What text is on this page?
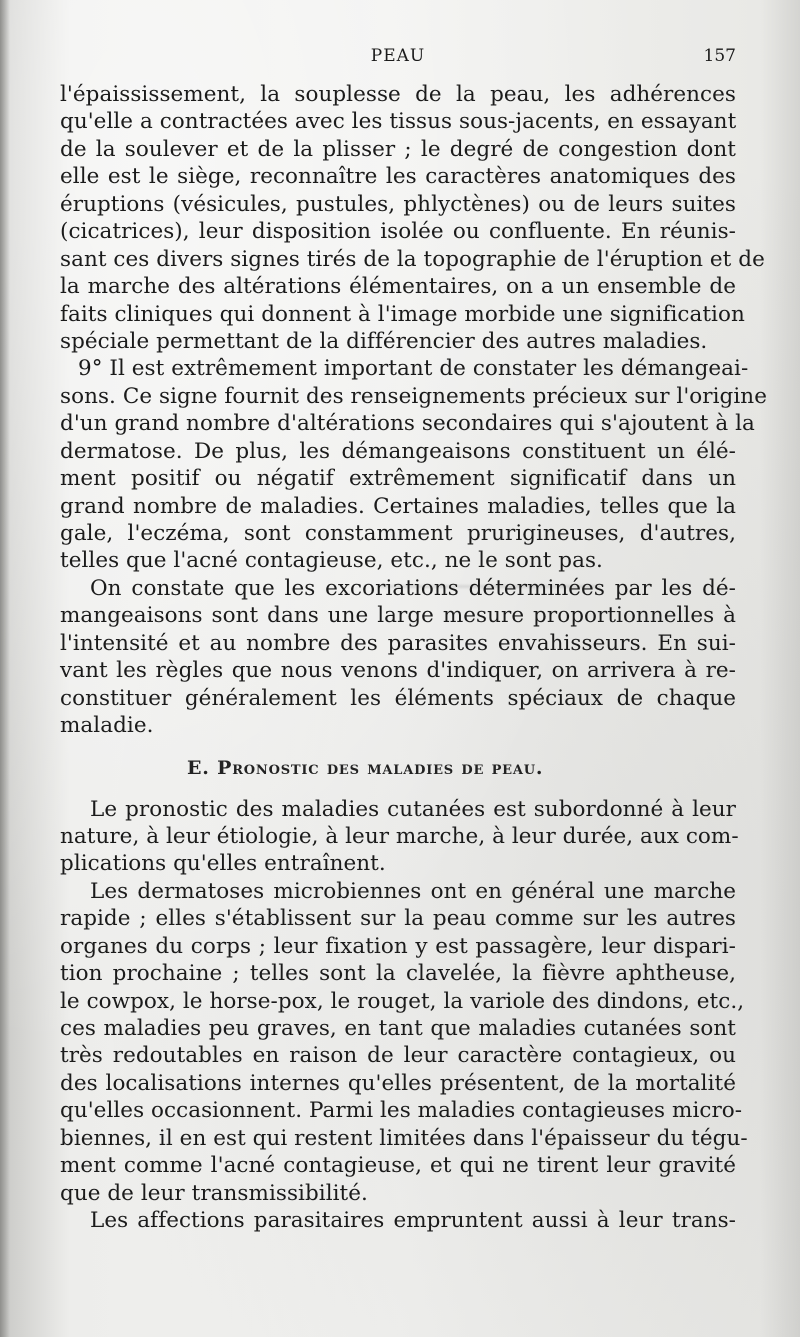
PEAU	157
l'épaississement, la souplesse de la peau, les adhérences
qu'elle a contractées avec les tissus sous-jacents, en essayant
de la soulever et de la plisser ; le degré de congestion dont
elle est le siège, reconnaître les caractères anatomiques des
éruptions (vésicules, pustules, phlyctènes) ou de leurs suites
(cicatrices), leur disposition isolée ou confluente. En réunis-
sant ces divers signes tirés de la topographie de l'éruption et de
la marche des altérations élémentaires, on a un ensemble de
faits cliniques qui donnent à l'image morbide une signification
spéciale permettant de la différencier des autres maladies.
9° Il est extrêmement important de constater les démangeai-
sons. Ce signe fournit des renseignements précieux sur l'origine
d'un grand nombre d'altérations secondaires qui s'ajoutent à la
dermatose. De plus, les démangeaisons constituent un élé-
ment positif ou négatif extrêmement significatif dans un
grand nombre de maladies. Certaines maladies, telles que la
gale, l'eczéma, sont constamment prurigineuses, d'autres,
telles que l'acné contagieuse, etc., ne le sont pas.
On constate que les excoriations déterminées par les dé-
mangeaisons sont dans une large mesure proportionnelles à
l'intensité et au nombre des parasites envahisseurs. En sui-
vant les règles que nous venons d'indiquer, on arrivera à re-
constituer généralement les éléments spéciaux de chaque
maladie.
E. Pronostic des maladies de peau.
Le pronostic des maladies cutanées est subordonné à leur
nature, à leur étiologie, à leur marche, à leur durée, aux com-
plications qu'elles entraînent.
Les dermatoses microbiennes ont en général une marche
rapide ; elles s'établissent sur la peau comme sur les autres
organes du corps ; leur fixation y est passagère, leur dispari-
tion prochaine ; telles sont la clavelée, la fièvre aphtheuse,
le cowpox, le horse-pox, le rouget, la variole des dindons, etc.,
ces maladies peu graves, en tant que maladies cutanées sont
très redoutables en raison de leur caractère contagieux, ou
des localisations internes qu'elles présentent, de la mortalité
qu'elles occasionnent. Parmi les maladies contagieuses micro-
biennes, il en est qui restent limitées dans l'épaisseur du tégu-
ment comme l'acné contagieuse, et qui ne tirent leur gravité
que de leur transmissibilité.
Les affections parasitaires empruntent aussi à leur trans-
